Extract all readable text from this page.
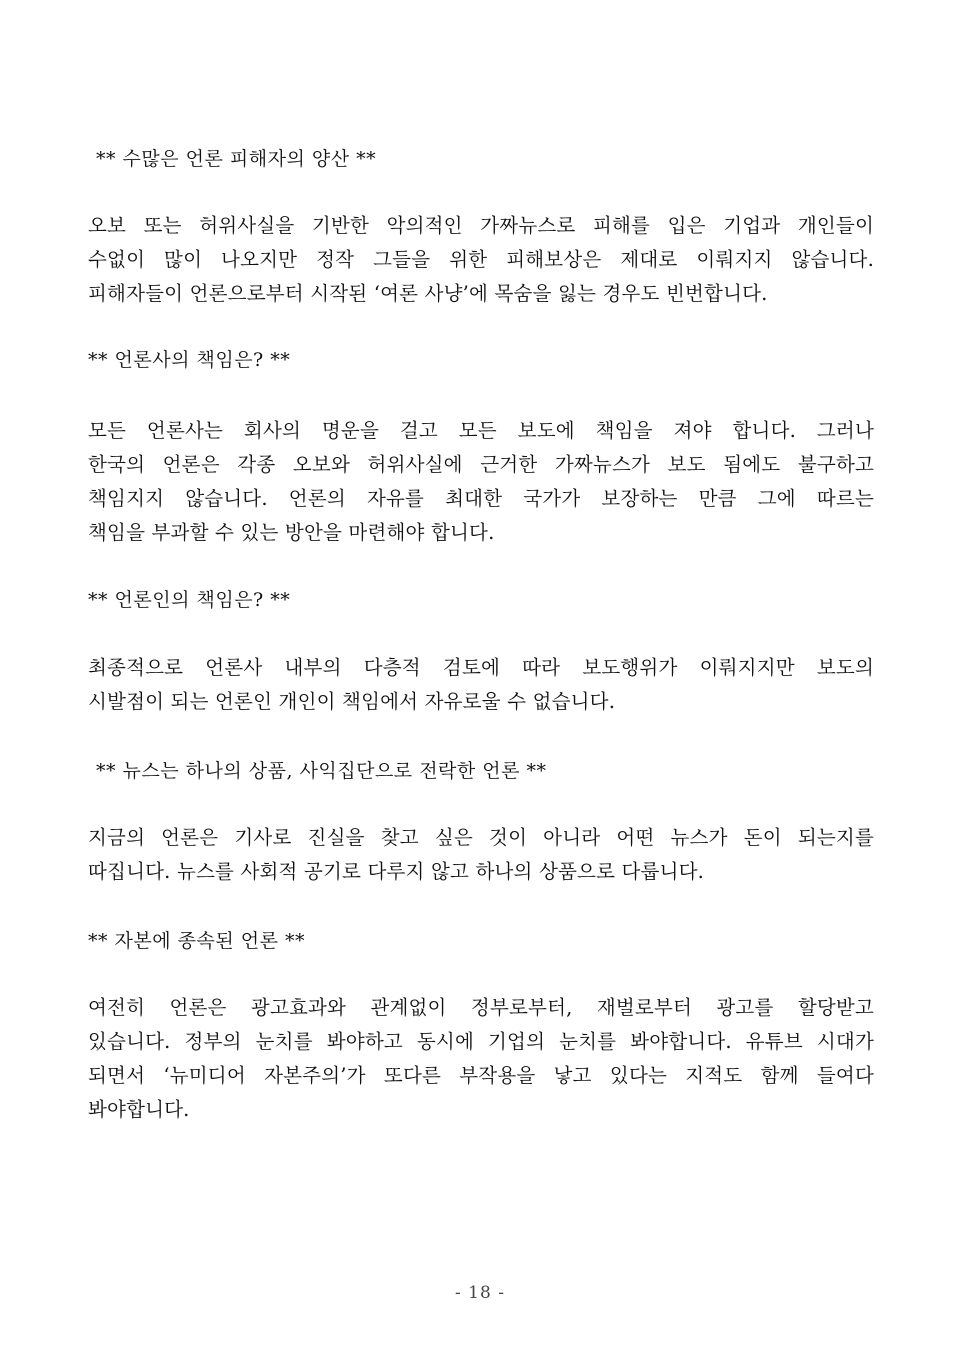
** 수많은 언론 피해자의 양산 **
오보 또는 허위사실을 기반한 악의적인 가짜뉴스로 피해를 입은 기업과 개인들이
수없이 많이 나오지만 정작 그들을 위한 피해보상은 제대로 이뤄지지 않습니다.
피해자들이 언론으로부터 시작된 ‘여론 사냥’에 목숨을 잃는 경우도 빈번합니다.
** 언론사의 책임은? **
모든 언론사는 회사의 명운을 걸고 모든 보도에 책임을 져야 합니다. 그러나
한국의 언론은 각종 오보와 허위사실에 근거한 가짜뉴스가 보도 됨에도 불구하고
책임지지 않습니다. 언론의 자유를 최대한 국가가 보장하는 만큼 그에 따르는
책임을 부과할 수 있는 방안을 마련해야 합니다.
** 언론인의 책임은? **
최종적으로 언론사 내부의 다층적 검토에 따라 보도행위가 이뤄지지만 보도의
시발점이 되는 언론인 개인이 책임에서 자유로울 수 없습니다.
** 뉴스는 하나의 상품, 사익집단으로 전락한 언론 **
지금의 언론은 기사로 진실을 찾고 싶은 것이 아니라 어떤 뉴스가 돈이 되는지를
따집니다. 뉴스를 사회적 공기로 다루지 않고 하나의 상품으로 다룹니다.
** 자본에 종속된 언론 **
여전히 언론은 광고효과와 관계없이 정부로부터, 재벌로부터 광고를 할당받고
있습니다. 정부의 눈치를 봐야하고 동시에 기업의 눈치를 봐야합니다. 유튜브 시대가
되면서 ‘뉴미디어 자본주의’가 또다른 부작용을 낳고 있다는 지적도 함께 들여다
봐야합니다.
- 18 -
